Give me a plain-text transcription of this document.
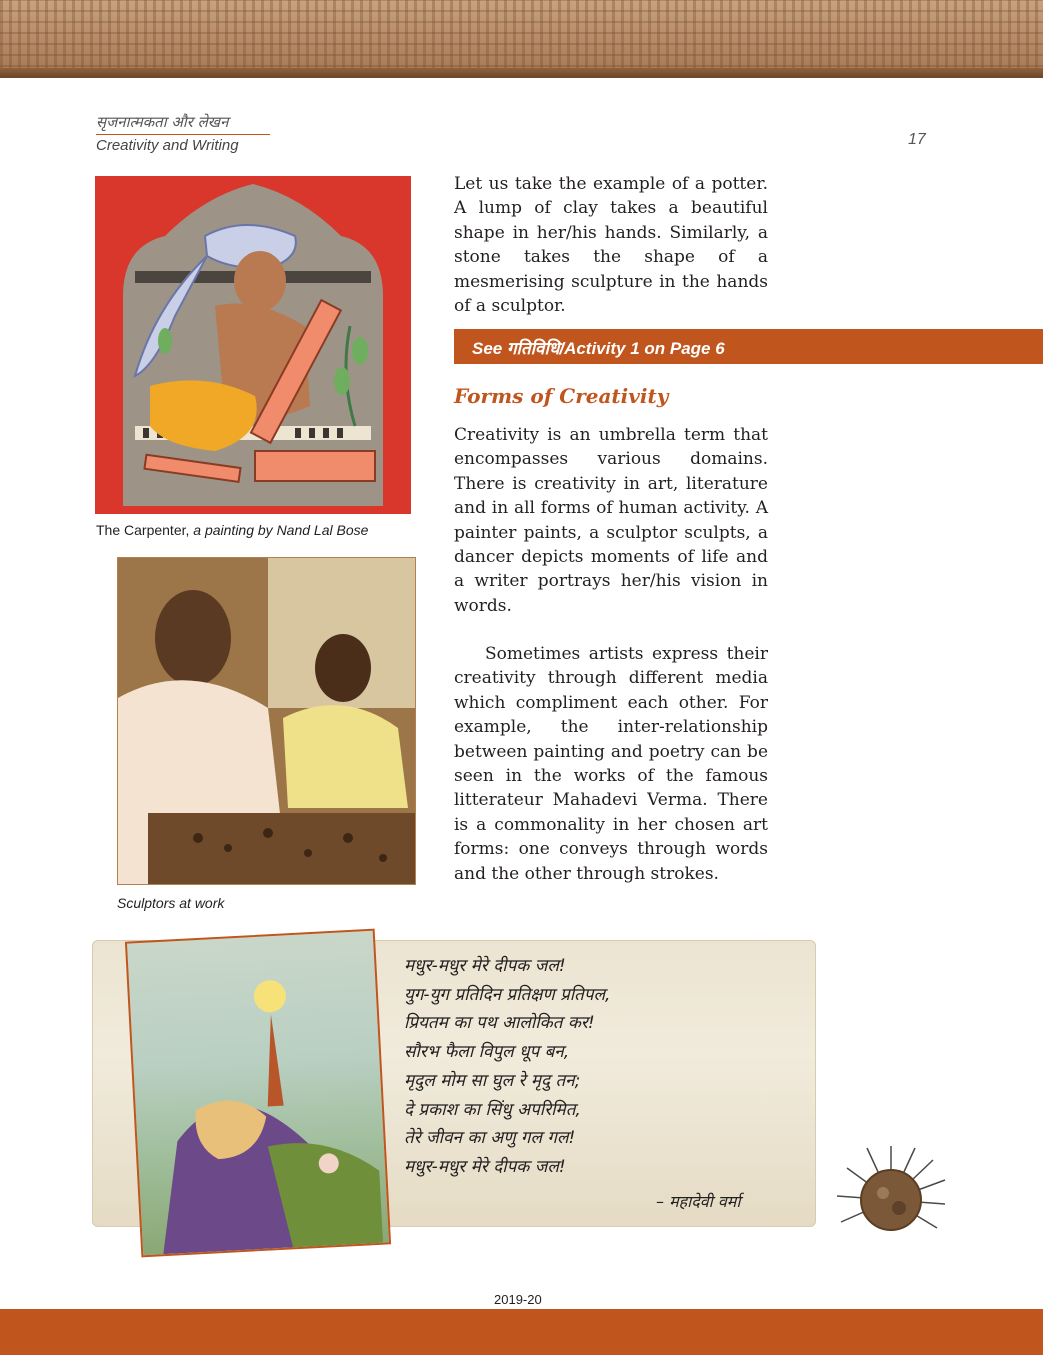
सृजनात्मकता और लेखन
Creativity and Writing	17
The Carpenter, a painting by Nand Lal Bose
Sculptors at work
Let us take the example of a potter. A lump of clay takes a beautiful shape in her/his hands. Similarly, a stone takes the shape of a mesmerising sculpture in the hands of a sculptor.
See गतिविधि/Activity 1 on Page 6
Forms of Creativity
Creativity is an umbrella term that encompasses various domains. There is creativity in art, literature and in all forms of human activity. A painter paints, a sculptor sculpts, a dancer depicts moments of life and a writer portrays her/his vision in words.
Sometimes artists express their creativity through different media which compliment each other. For example, the inter-relationship between painting and poetry can be seen in the works of the famous litterateur Mahadevi Verma. There is a commonality in her chosen art forms: one conveys through words and the other through strokes.
मधुर-मधुर मेरे दीपक जल!
युग-युग प्रतिदिन प्रतिक्षण प्रतिपल,
प्रियतम का पथ आलोकित कर!
सौरभ फैला विपुल धूप बन,
मृदुल मोम सा घुल रे मृदु तन;
दे प्रकाश का सिंधु अपरिमित,
तेरे जीवन का अणु गल गल!
मधुर-मधुर मेरे दीपक जल!
– महादेवी वर्मा
2019-20
